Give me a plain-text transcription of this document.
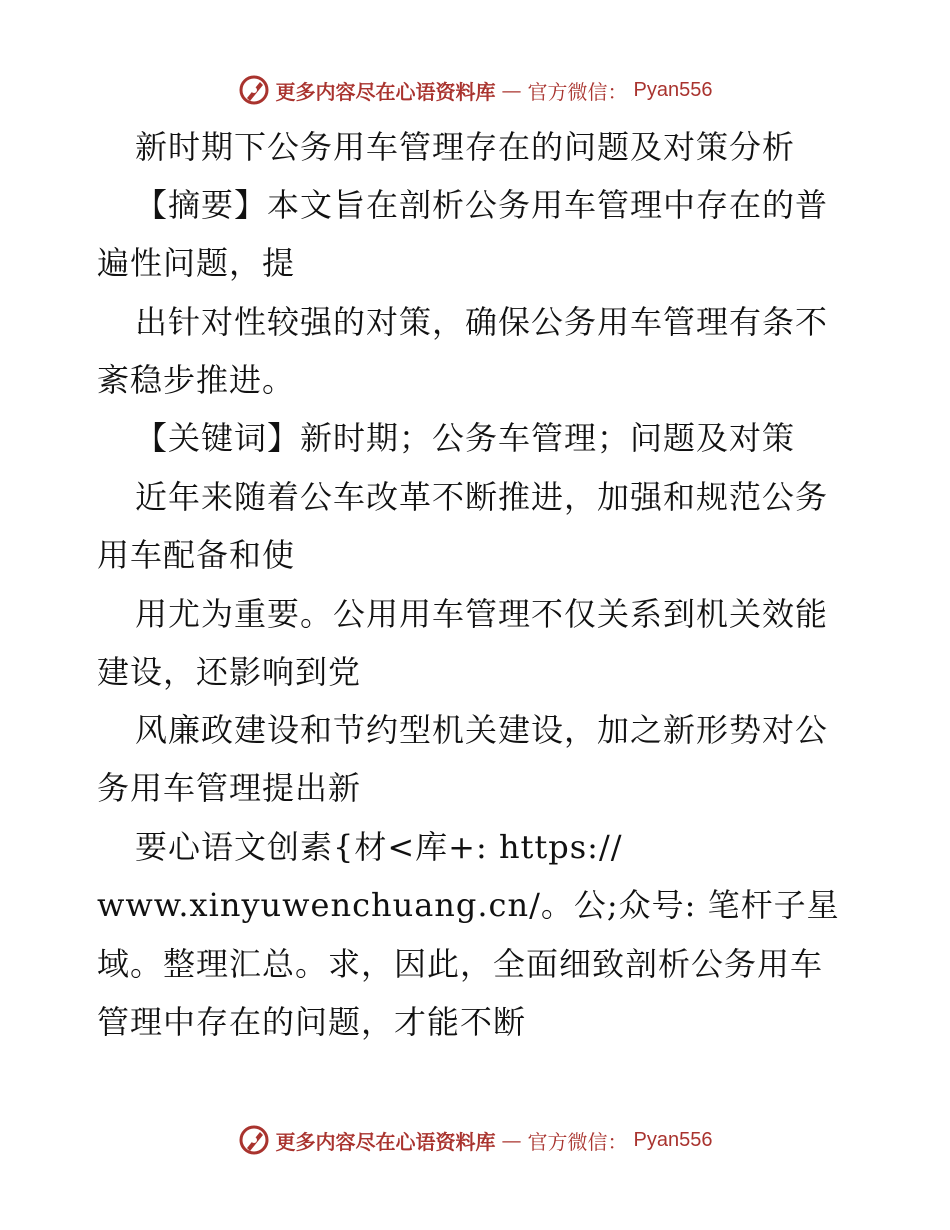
更多内容尽在心语资料库 — 官方微信： Pyan556
新时期下公务用车管理存在的问题及对策分析
【摘要】本文旨在剖析公务用车管理中存在的普
遍性问题，提
出针对性较强的对策，确保公务用车管理有条不
紊稳步推进。
【关键词】新时期；公务车管理；问题及对策
近年来随着公车改革不断推进，加强和规范公务
用车配备和使
用尤为重要。公用用车管理不仅关系到机关效能
建设，还影响到党
风廉政建设和节约型机关建设，加之新形势对公
务用车管理提出新
要心语文创素{材<库+: https://
www.xinyuwenchuang.cn/。公;众号: 笔杆子星
域。整理汇总。求，因此，全面细致剖析公务用车
管理中存在的问题，才能不断
更多内容尽在心语资料库 — 官方微信： Pyan556
